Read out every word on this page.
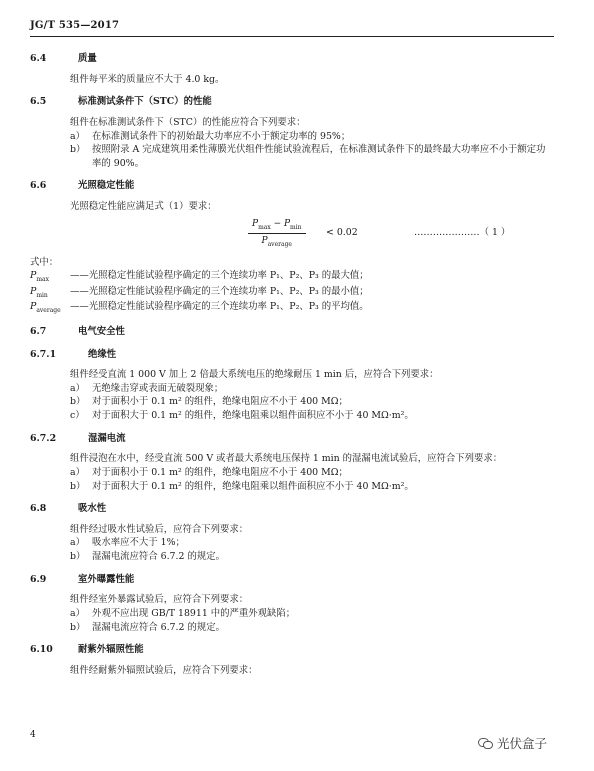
JG/T 535—2017

6.4	质量

组件每平米的质量应不大于 4.0 kg。

6.5	标准测试条件下（STC）的性能

组件在标准测试条件下（STC）的性能应符合下列要求：

a） 在标准测试条件下的初始最大功率应不小于额定功率的 95%；
b） 按照附录 A 完成建筑用柔性薄膜光伏组件性能试验流程后，在标准测试条件下的最终最大功率应不小于额定功率的 90%。

6.6	光照稳定性能

光照稳定性能应满足式（1）要求：

$P_{max} - P_{min}$
$P_{average}$
< 0.02	…………………（ 1 ）

式中：

$P_{max}$	——光照稳定性能试验程序确定的三个连续功率 P₁、P₂、P₃ 的最大值；
$P_{min}$	——光照稳定性能试验程序确定的三个连续功率 P₁、P₂、P₃ 的最小值；
$P_{average}$ ——光照稳定性能试验程序确定的三个连续功率 P₁、P₂、P₃ 的平均值。

6.7	电气安全性

6.7.1	绝缘性

组件经受直流 1 000 V 加上 2 倍最大系统电压的绝缘耐压 1 min 后，应符合下列要求：

a） 无绝缘击穿或表面无破裂现象；
b） 对于面积小于 0.1 m² 的组件，绝缘电阻应不小于 400 MΩ；
c） 对于面积大于 0.1 m² 的组件，绝缘电阻乘以组件面积应不小于 40 MΩ·m²。

6.7.2	湿漏电流

组件浸泡在水中，经受直流 500 V 或者最大系统电压保持 1 min 的湿漏电流试验后，应符合下列要求：

a） 对于面积小于 0.1 m² 的组件，绝缘电阻应不小于 400 MΩ；
b） 对于面积大于 0.1 m² 的组件，绝缘电阻乘以组件面积应不小于 40 MΩ·m²。

6.8	吸水性

组件经过吸水性试验后，应符合下列要求：

a） 吸水率应不大于 1%；
b） 湿漏电流应符合 6.7.2 的规定。

6.9	室外曝露性能

组件经室外暴露试验后，应符合下列要求：

a） 外观不应出现 GB/T 18911 中的严重外观缺陷；
b） 湿漏电流应符合 6.7.2 的规定。

6.10	耐紫外辐照性能

组件经耐紫外辐照试验后，应符合下列要求：

4
光伏盒子
